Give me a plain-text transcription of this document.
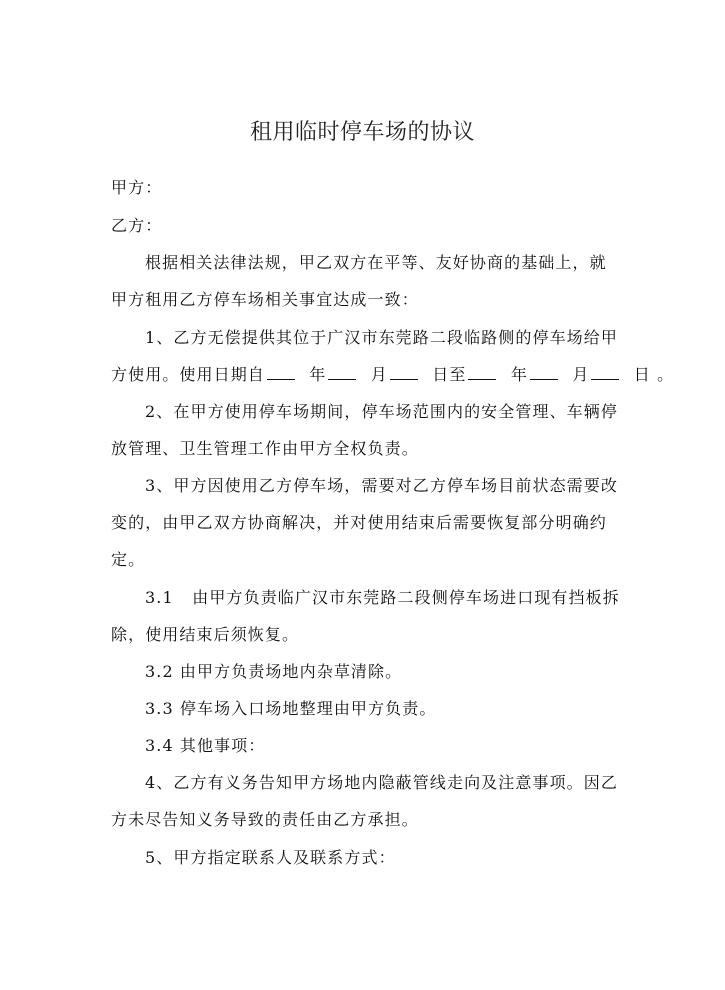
租用临时停车场的协议
甲方：
乙方：
根据相关法律法规，甲乙双方在平等、友好协商的基础上，就
甲方租用乙方停车场相关事宜达成一致：
1、乙方无偿提供其位于广汉市东莞路二段临路侧的停车场给甲
方使用。使用日期自	年	月	日至	年	月	日 。
2、在甲方使用停车场期间，停车场范围内的安全管理、车辆停
放管理、卫生管理工作由甲方全权负责。
3、甲方因使用乙方停车场，需要对乙方停车场目前状态需要改
变的，由甲乙双方协商解决，并对使用结束后需要恢复部分明确约
定。
3.1   由甲方负责临广汉市东莞路二段侧停车场进口现有挡板拆
除，使用结束后须恢复。
3.2 由甲方负责场地内杂草清除。
3.3 停车场入口场地整理由甲方负责。
3.4 其他事项：
4、乙方有义务告知甲方场地内隐蔽管线走向及注意事项。因乙
方未尽告知义务导致的责任由乙方承担。
5、甲方指定联系人及联系方式：
